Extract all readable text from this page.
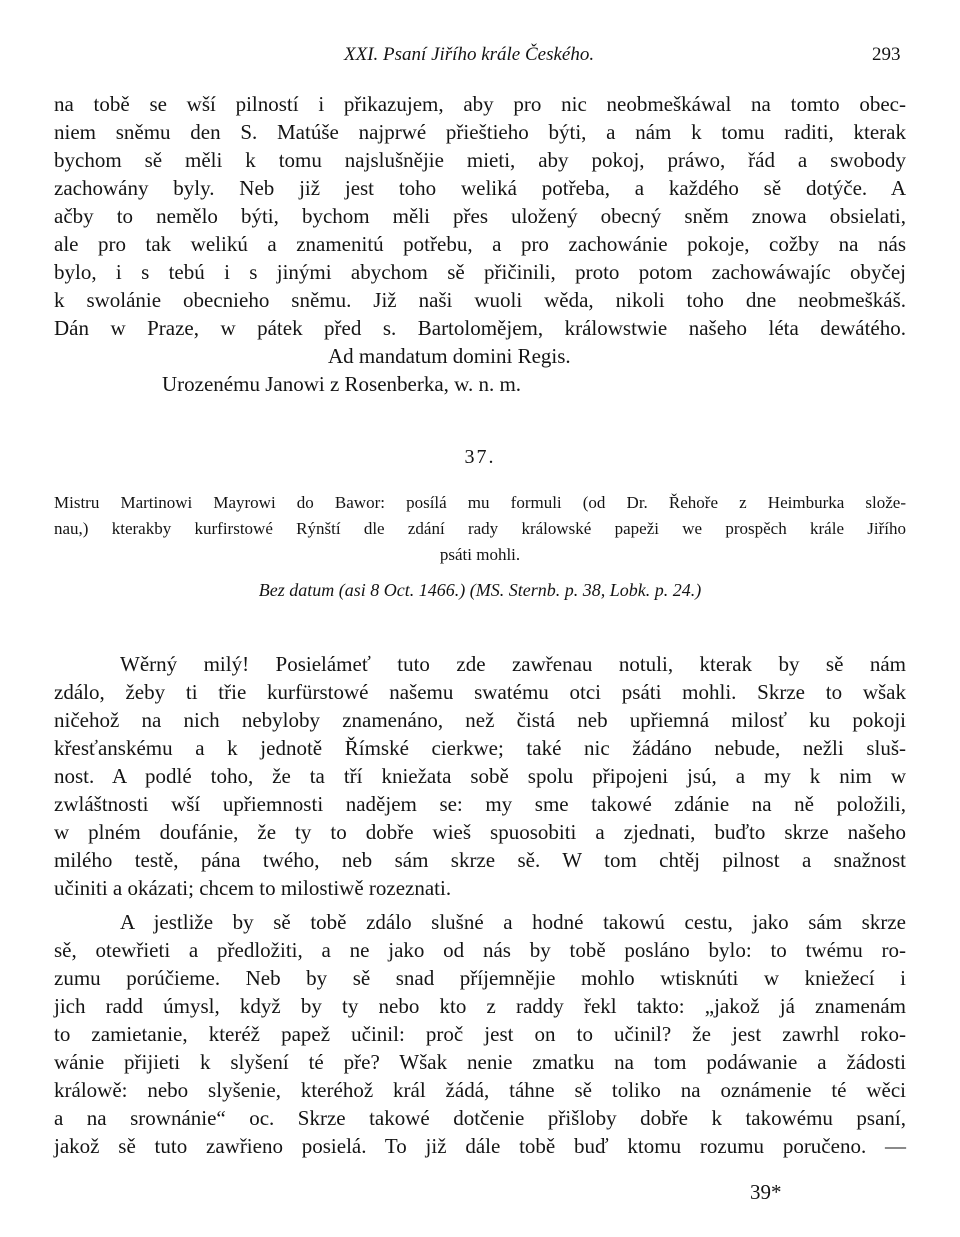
XXI. Psaní Jiřího krále Českého.	293
na tobě se wší pilností i přikazujem, aby pro nic neobmeškáwal na tomto obec-
niem sněmu den S. Matúše najprwé přieštieho býti, a nám k tomu raditi, kterak
bychom sě měli k tomu najslušněјie mieti, aby pokoj, práwo, řád a swobody
zachowány byly. Neb již jest toho weliká potřeba, a každého sě dotýče. A
ačby to nemělo býti, bychom měli přes uložený obecný sněm znowa obsielati,
ale pro tak welikú a znamenitú potřebu, a pro zachowánie pokoje, cožby na nás
bylo, i s tebú i s jinými abychom sě přičinili, proto potom zachowáwajíc obyčej
k swolánie obecnieho sněmu. Již naši wuoli wěda, nikoli toho dne neobmeškáš.
Dán w Praze, w pátek před s. Bartoloměјem, králowstwie našeho léta dewátého.
Ad mandatum domini Regis.
Urozenému Janowi z Rosenberka, w. n. m.
37.
Mistru Martinowi Mayrowi do Bawor: posílá mu formuli (od Dr. Řehoře z Heimburka slože-
nau,) kterakby kurfirstowé Rýnští dle zdání rady králowské papeži we prospěch krále Jiřího
psáti mohli.
Bez datum (asi 8 Oct. 1466.) (MS. Sternb. p. 38, Lobk. p. 24.)
Wěrný milý! Posielámeť tuto zde zawřenau notuli, kterak by sě nám
zdálo, žeby ti třie kurfürstowé našemu swatému otci psáti mohli. Skrze to wšak
ničehož na nich nebyloby znamenáno, než čistá neb upřiemná milosť ku pokoji
křesťanskému a k jednotě Římské cierkwe; také nic žádáno nebude, nežli sluš-
nost. A podlé toho, že ta tří kniežata sobě spolu připojeni jsú, a my k nim w
zwláštnosti wší upřiemnosti nadějem se: my sme takowé zdánie na ně položili,
w plném doufánie, že ty to dobře wieš spuosobiti a zjednati, buďto skrze našeho
milého testě, pána twého, neb sám skrze sě. W tom chtěj pilnost a snažnost
učiniti a okázati; chcem to milostiwě rozeznati.
A jestliže by sě tobě zdálo slušné a hodné takowú cestu, jako sám skrze
sě, otewřieti a předložiti, a ne jako od nás by tobě posláno bylo: to twému ro-
zumu porúčieme. Neb by sě snad příjemnějie mohlo wtisknúti w kniežecí i
jich radd úmysl, když by ty nebo kto z raddy řekl takto: „jakož já znamenám
to zamietanie, kteréž papež učinil: proč jest on to učinil? že jest zawrhl roko-
wánie přijieti k slyšení té pře? Wšak nenie zmatku na tom podáwanie a žádosti
králowě: nebo slyšenie, kteréhož král žádá, táhne sě toliko na oznámenie té wěci
a na srownánie“ oc. Skrze takowé dotčenie přišloby dobře k takowému psaní,
jakož sě tuto zawřieno posielá. To již dále tobě buď ktomu rozumu poručeno. —
39*
